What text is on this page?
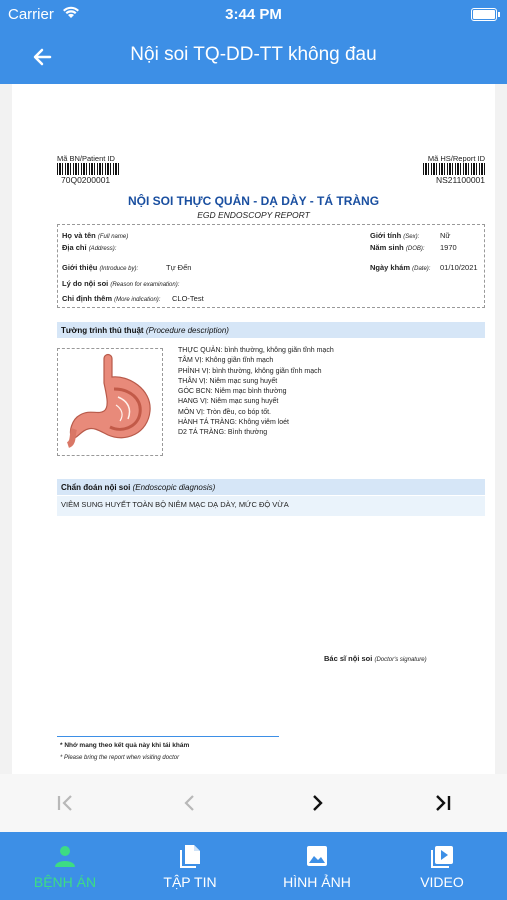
Carrier	3:44 PM
Nội soi TQ-DD-TT không đau
Mã BN/Patient ID
70Q0200001
Mã HS/Report ID
NS21100001
NỘI SOI THỰC QUẢN - DẠ DÀY - TÁ TRÀNG
EGD ENDOSCOPY REPORT
Họ và tên (Full name)
Địa chỉ (Address):
Giới tính (Sex):	Nữ
Năm sinh (DOB): 1970
Giới thiệu (Introduce by):	Tự Đến	Ngày khám (Date): 01/10/2021
Lý do nội soi (Reason for examination):
Chỉ định thêm (More indication): CLO-Test
Tường trình thủ thuật (Procedure description)
THỰC QUẢN: bình thường, không giãn tĩnh mạch
TÂM VỊ: Không giãn tĩnh mạch
PHÌNH VỊ: bình thường, không giãn tĩnh mạch
THÂN VỊ: Niêm mạc sung huyết
GÓC BCN: Niêm mạc bình thường
HANG VỊ: Niêm mạc sung huyết
MÔN VỊ: Tròn đều, co bóp tốt.
HÀNH TÁ TRÀNG: Không viêm loét
D2 TÁ TRÀNG: Bình thường
Chẩn đoán nội soi (Endoscopic diagnosis)
VIÊM SUNG HUYẾT TOÀN BỘ NIÊM MẠC DẠ DÀY, MỨC ĐỘ VỪA
Bác sĩ nội soi (Doctor's signature)
* Nhớ mang theo kết quả này khi tái khám
* Please bring the report when visiting doctor
BỆNH ÁN	TẬP TIN	HÌNH ẢNH	VIDEO
